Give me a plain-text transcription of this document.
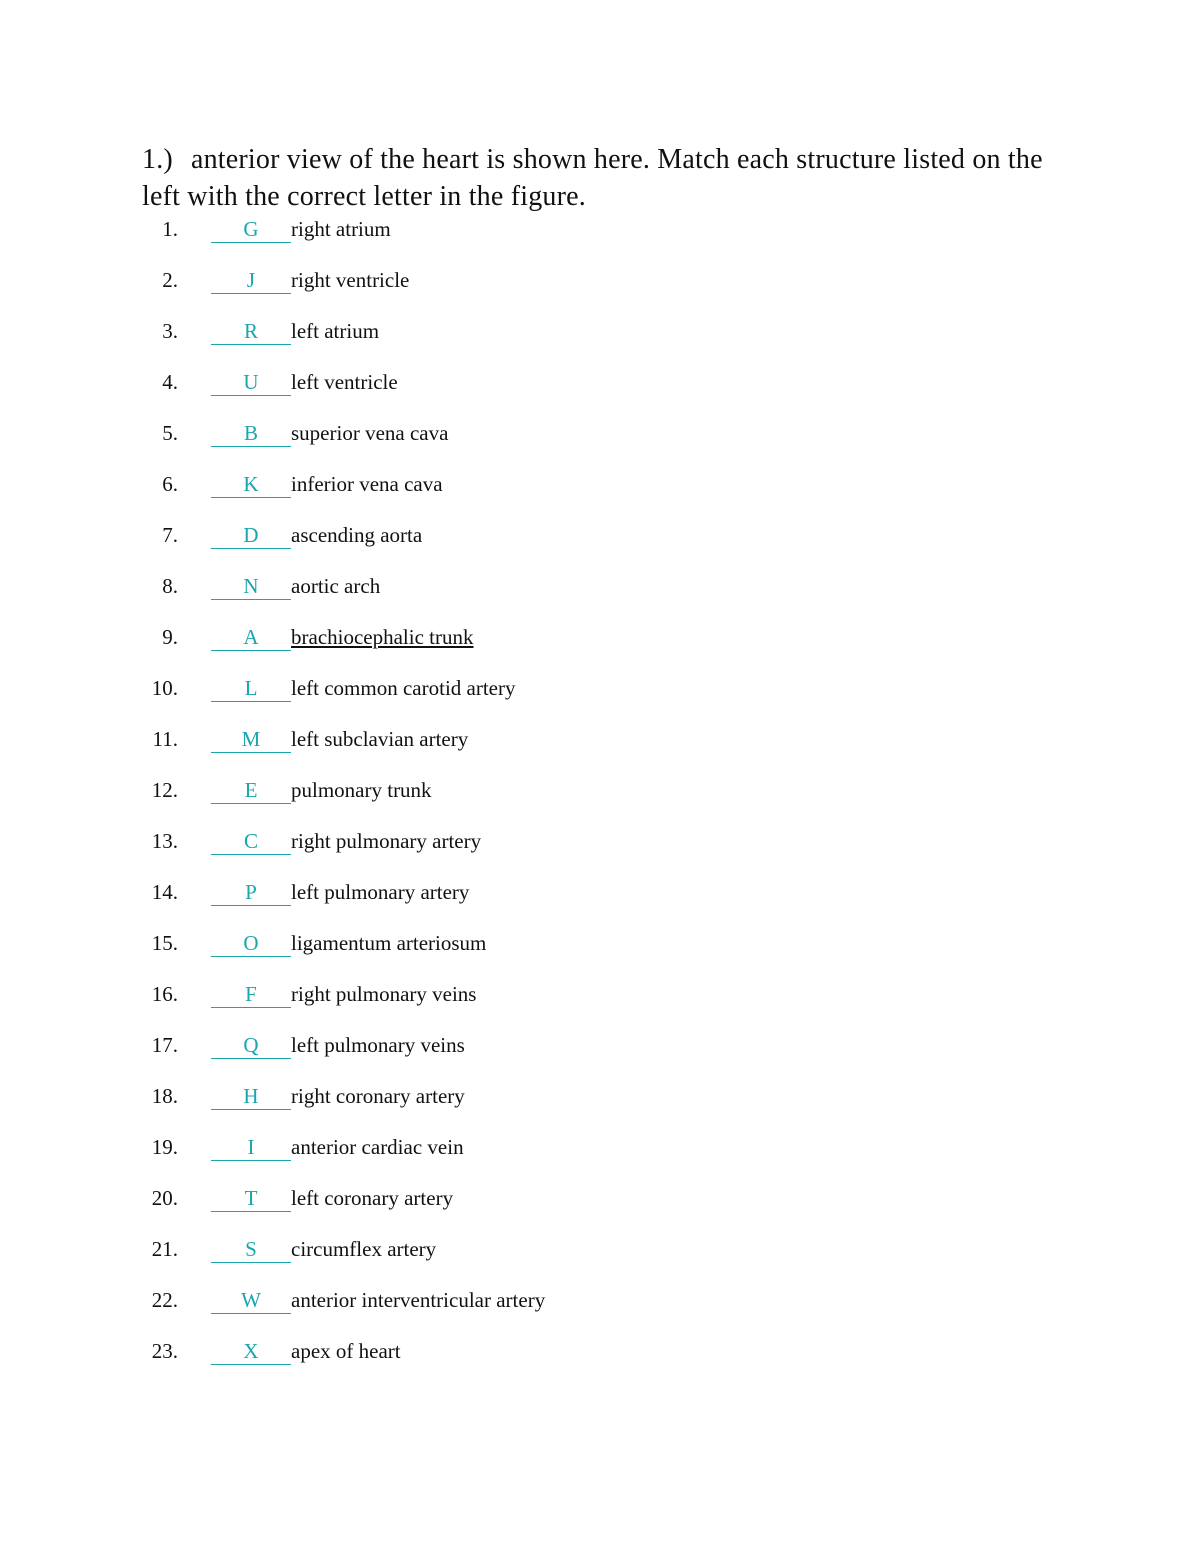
1.) anterior view of the heart is shown here. Match each structure listed on the left with the correct letter in the figure.
1.	G	right atrium
2.	J	right ventricle
3.	R	left atrium
4.	U	left ventricle
5.	B	superior vena cava
6.	K	inferior vena cava
7.	D	ascending aorta
8.	N	aortic arch
9.	A	brachiocephalic trunk
10.	L	left common carotid artery
11.	M	left subclavian artery
12.	E	pulmonary trunk
13.	C	right pulmonary artery
14.	P	left pulmonary artery
15.	O	ligamentum arteriosum
16.	F	right pulmonary veins
17.	Q	left pulmonary veins
18.	H	right coronary artery
19.	I	anterior cardiac vein
20.	T	left coronary artery
21.	S	circumflex artery
22.	W	anterior interventricular artery
23.	X	apex of heart
